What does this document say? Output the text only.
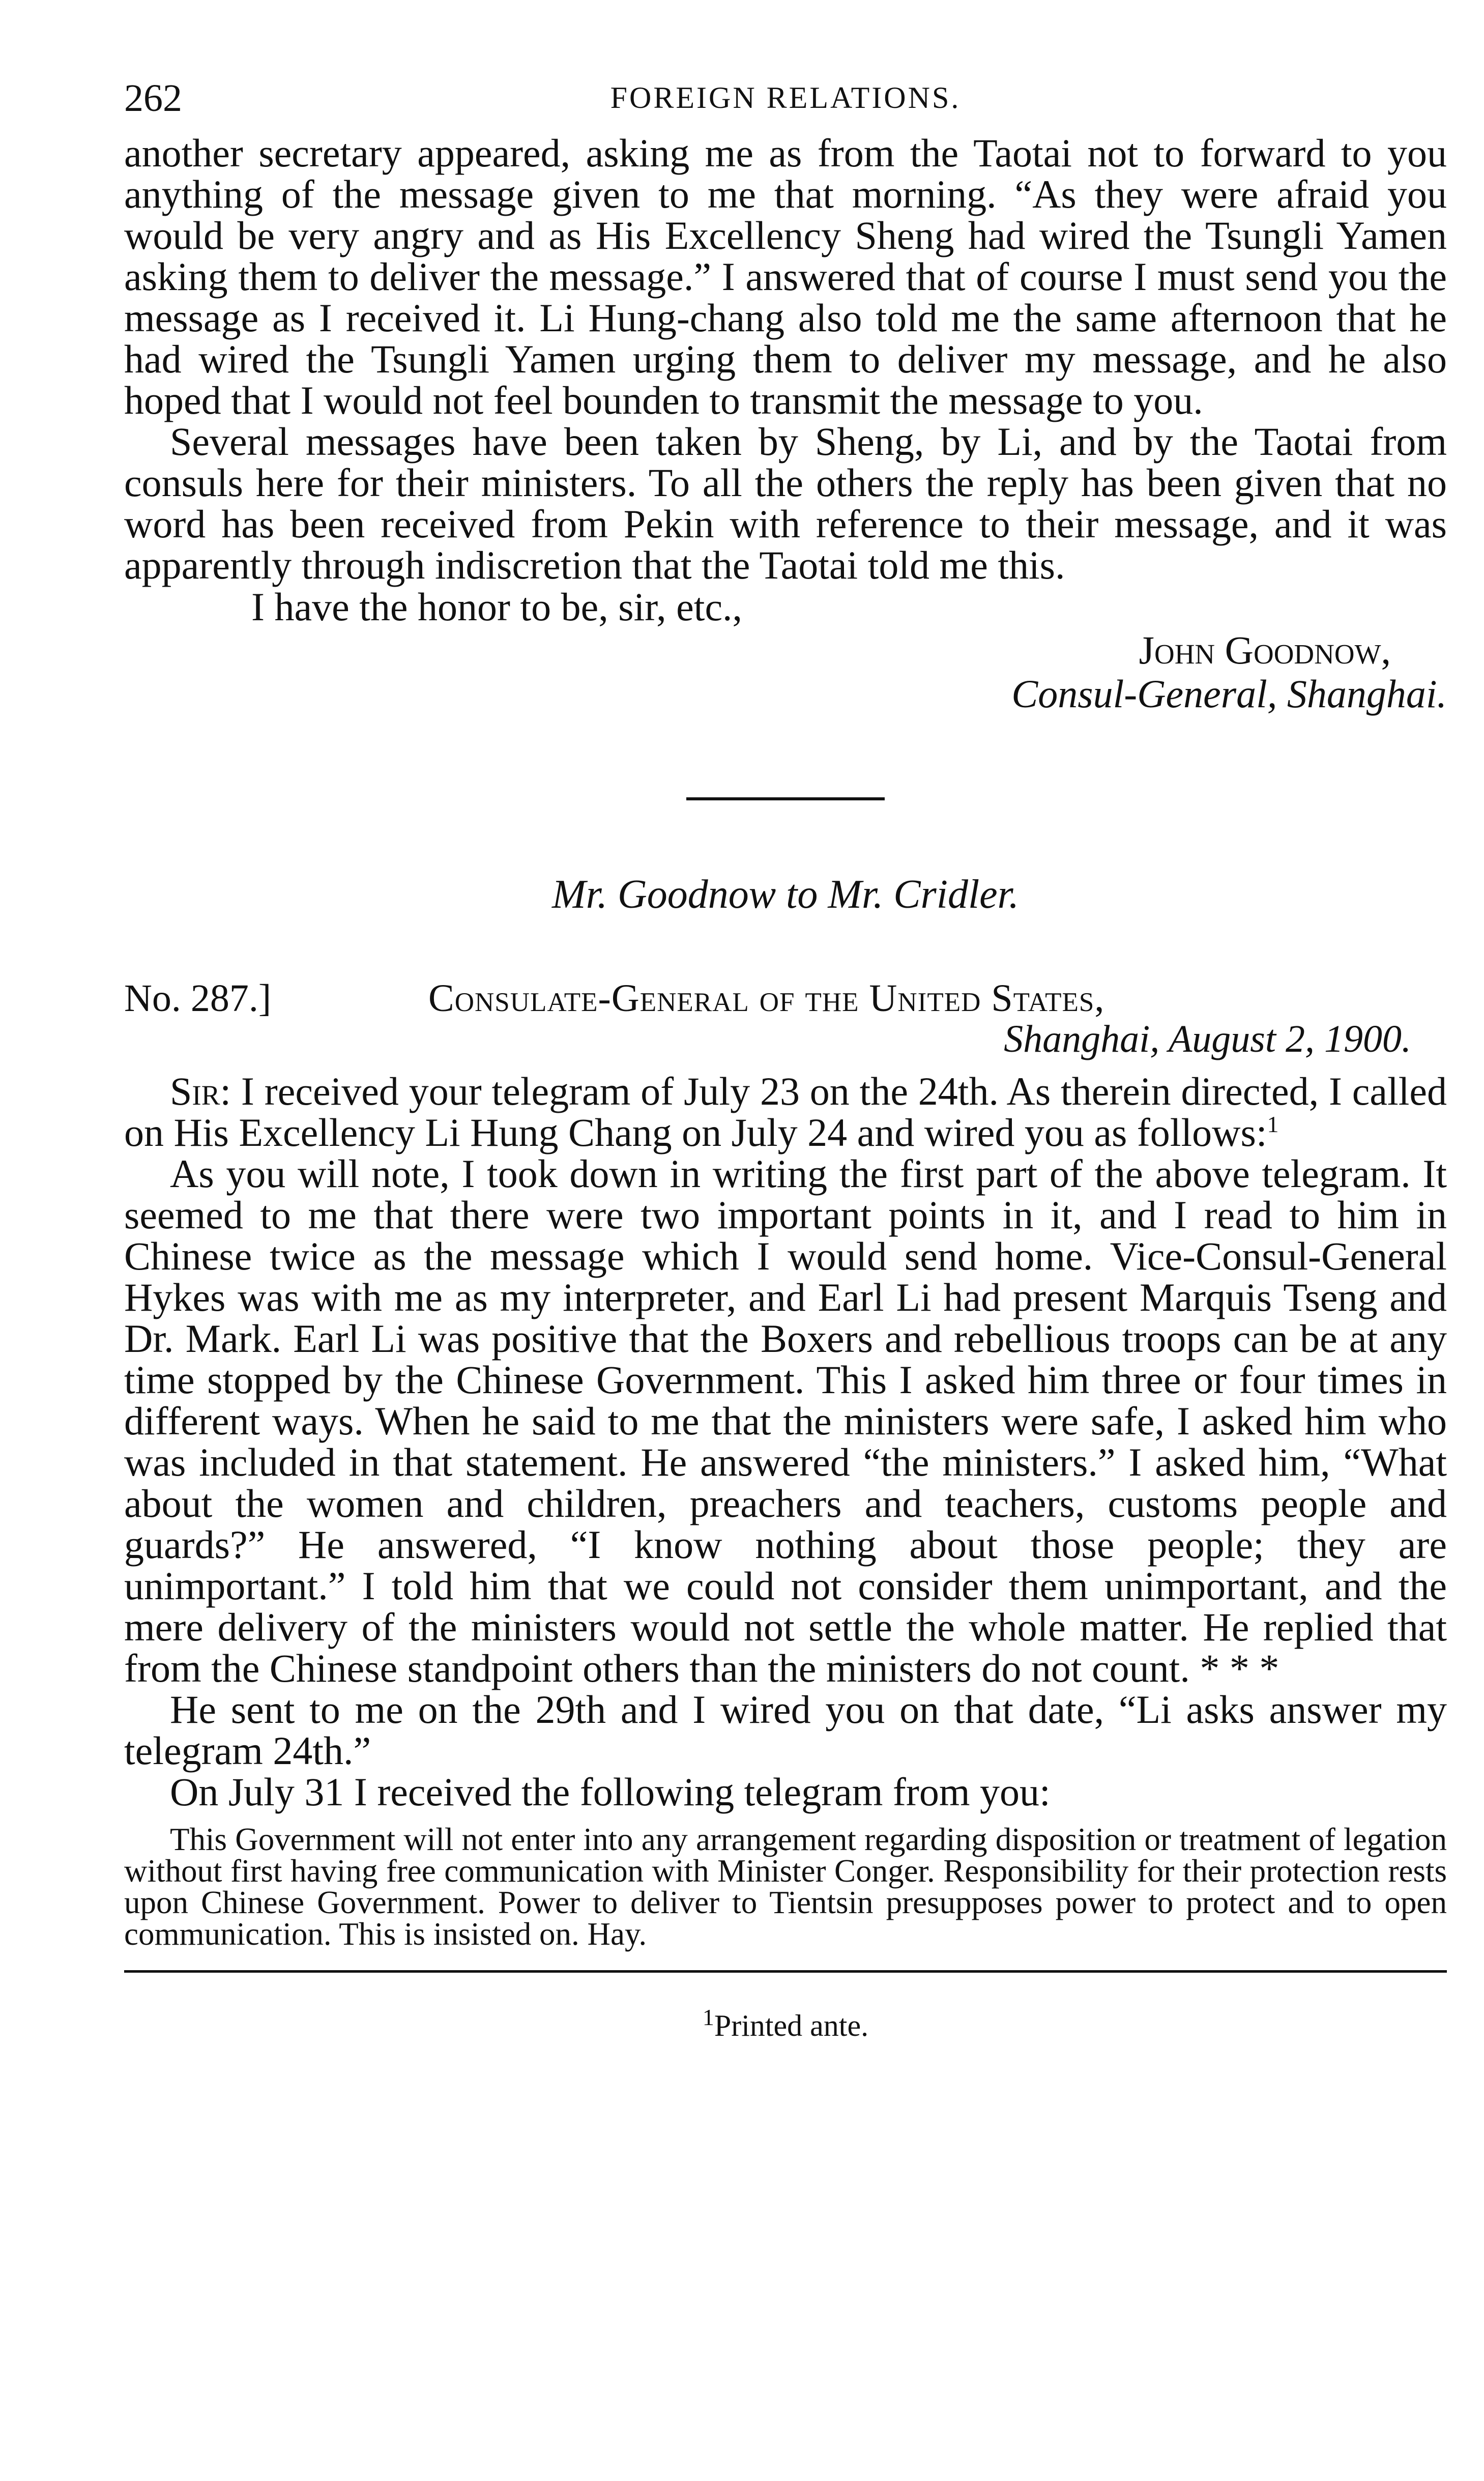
262	FOREIGN RELATIONS.

another secretary appeared, asking me as from the Taotai not to forward to you anything of the message given to me that morning. “As they were afraid you would be very angry and as His Excellency Sheng had wired the Tsungli Yamen asking them to deliver the message.” I answered that of course I must send you the message as I received it. Li Hung-chang also told me the same afternoon that he had wired the Tsungli Yamen urging them to deliver my message, and he also hoped that I would not feel bounden to transmit the message to you.

Several messages have been taken by Sheng, by Li, and by the Taotai from consuls here for their ministers. To all the others the reply has been given that no word has been received from Pekin with reference to their message, and it was apparently through indiscretion that the Taotai told me this.

I have the honor to be, sir, etc.,

John Goodnow,
Consul-General, Shanghai.
Mr. Goodnow to Mr. Cridler.
No. 287.]	Consulate-General of the United States,
Shanghai, August 2, 1900.

Sir: I received your telegram of July 23 on the 24th. As therein directed, I called on His Excellency Li Hung Chang on July 24 and wired you as follows:$^1$

As you will note, I took down in writing the first part of the above telegram. It seemed to me that there were two important points in it, and I read to him in Chinese twice as the message which I would send home. Vice-Consul-General Hykes was with me as my interpreter, and Earl Li had present Marquis Tseng and Dr. Mark. Earl Li was positive that the Boxers and rebellious troops can be at any time stopped by the Chinese Government. This I asked him three or four times in different ways. When he said to me that the ministers were safe, I asked him who was included in that statement. He answered “the ministers.” I asked him, “What about the women and children, preachers and teachers, customs people and guards?” He answered, “I know nothing about those people; they are unimportant.” I told him that we could not consider them unimportant, and the mere delivery of the ministers would not settle the whole matter. He replied that from the Chinese standpoint others than the ministers do not count. * * *

He sent to me on the 29th and I wired you on that date, “Li asks answer my telegram 24th.”

On July 31 I received the following telegram from you:

This Government will not enter into any arrangement regarding disposition or treatment of legation without first having free communication with Minister Conger. Responsibility for their protection rests upon Chinese Government. Power to deliver to Tientsin presupposes power to protect and to open communication. This is insisted on. Hay.
$^1$Printed ante.
